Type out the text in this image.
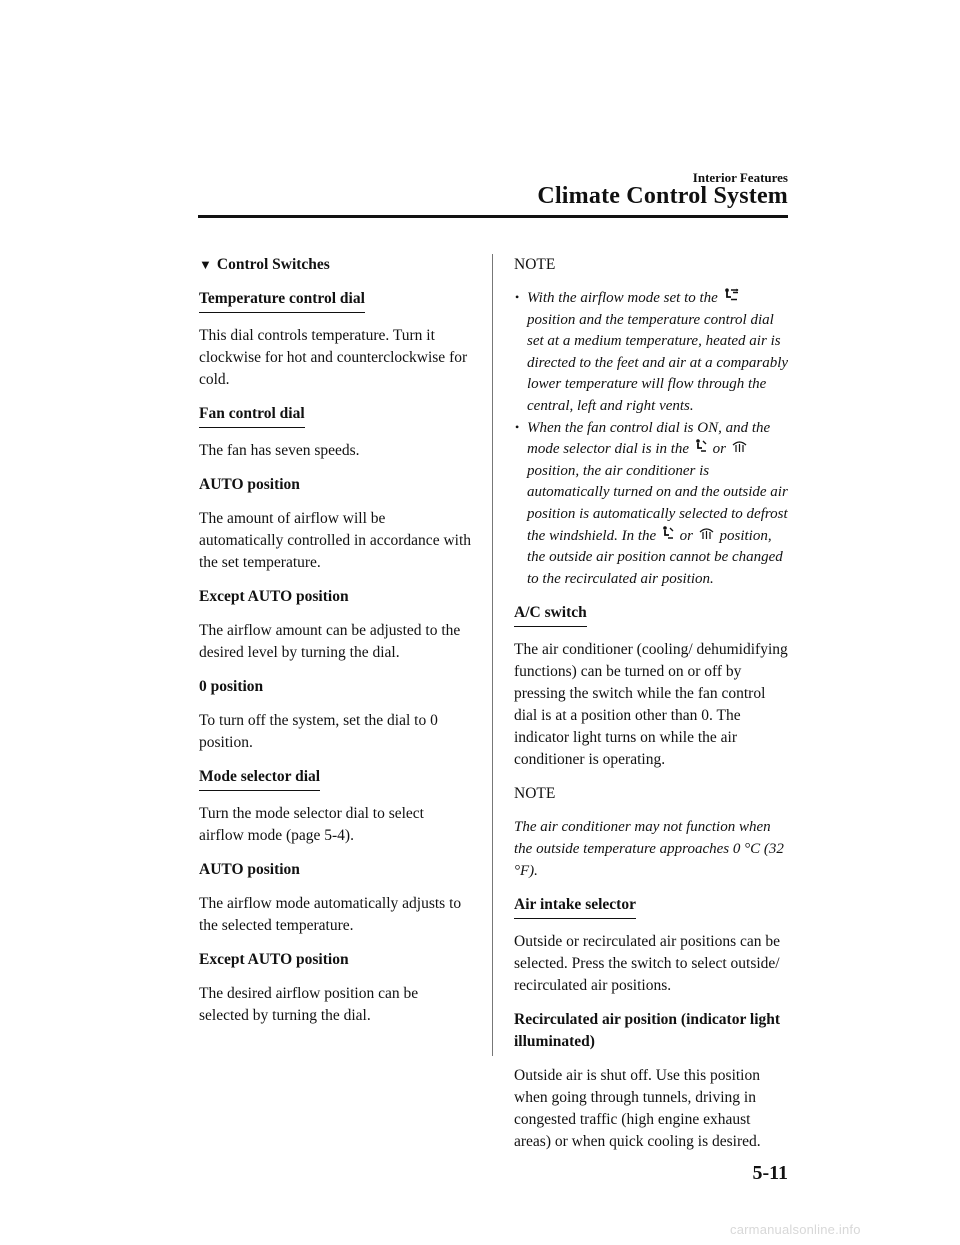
Interior Features
Climate Control System

▼ Control Switches

Temperature control dial

This dial controls temperature. Turn it clockwise for hot and counterclockwise for cold.

Fan control dial

The fan has seven speeds.

AUTO position

The amount of airflow will be automatically controlled in accordance with the set temperature.

Except AUTO position

The airflow amount can be adjusted to the desired level by turning the dial.

0 position

To turn off the system, set the dial to 0 position.

Mode selector dial

Turn the mode selector dial to select airflow mode (page 5-4).

AUTO position

The airflow mode automatically adjusts to the selected temperature.

Except AUTO position

The desired airflow position can be selected by turning the dial.

NOTE

• With the airflow mode set to the  position and the temperature control dial set at a medium temperature, heated air is directed to the feet and air at a comparably lower temperature will flow through the central, left and right vents.
• When the fan control dial is ON, and the mode selector dial is in the or  position, the air conditioner is automatically turned on and the outside air position is automatically selected to defrost the windshield. In the or position, the outside air position cannot be changed to the recirculated air position.
A/C switch

The air conditioner (cooling/ dehumidifying functions) can be turned on or off by pressing the switch while the fan control dial is at a position other than 0. The indicator light turns on while the air conditioner is operating.

NOTE

The air conditioner may not function when the outside temperature approaches 0 °C (32 °F).

Air intake selector

Outside or recirculated air positions can be selected. Press the switch to select outside/ recirculated air positions.

Recirculated air position (indicator light illuminated)

Outside air is shut off. Use this position when going through tunnels, driving in congested traffic (high engine exhaust areas) or when quick cooling is desired.

5-11
carmanualsonline.info
